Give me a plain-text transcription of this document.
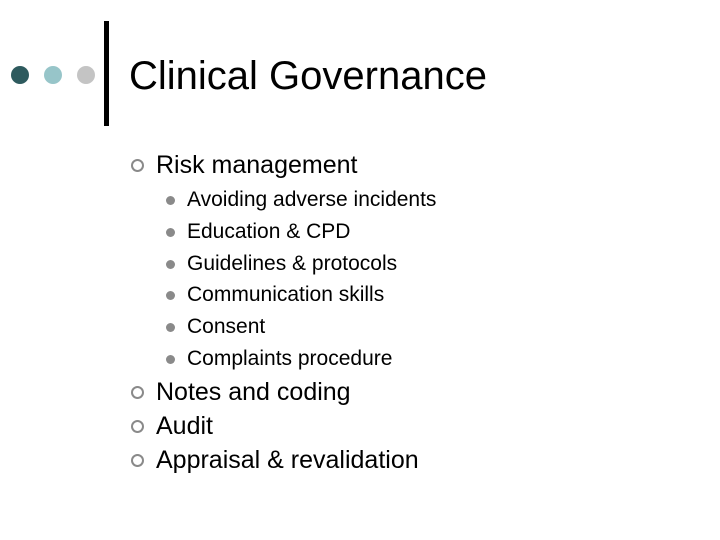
Clinical Governance
Risk management
Avoiding adverse incidents
Education & CPD
Guidelines & protocols
Communication skills
Consent
Complaints procedure
Notes and coding
Audit
Appraisal & revalidation
